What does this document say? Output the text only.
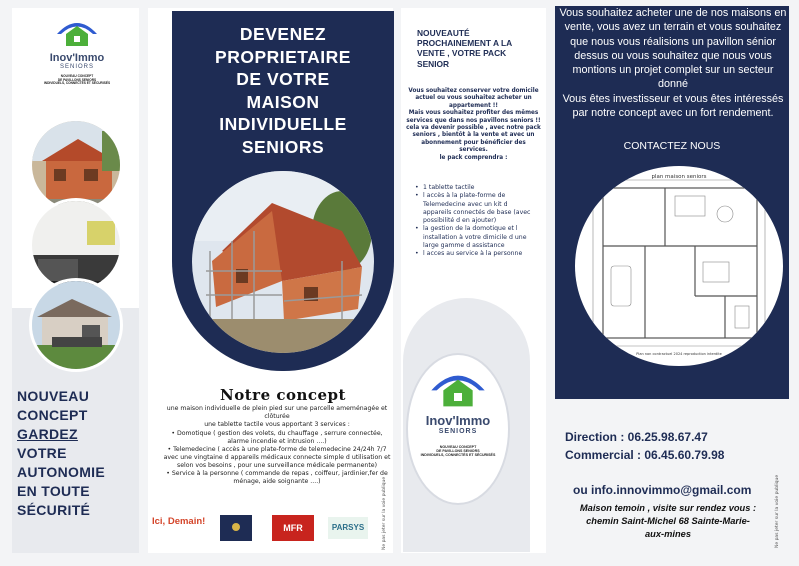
Inov'Immo
SENIORS
NOUVEAU CONCEPT
DE PAVILLONS SENIORS
INDIVIDUELS, CONNECTÉS ET SÉCURISÉS
NOUVEAU
CONCEPT
GARDEZ
VOTRE
AUTONOMIE
EN TOUTE
SÉCURITÉ
DEVENEZ
PROPRIETAIRE
DE VOTRE
MAISON
INDIVIDUELLE
SENIORS
Notre concept
une maison individuelle de plein pied sur une parcelle ameménagée et
clôturée
une tablette tactile vous apportant 3 services :
• Domotique ( gestion des volets, du chauffage , serrure connectée, alarme incendie et intrusion ....)
• Telemedecine ( accès à une plate-forme de telemedecine 24/24h 7/7 avec une vingtaine d appareils médicaux connecte simple d utilisation et selon vos besoins , pour une surveillance médicale permanente)
• Service à la personne ( commande de repas , coiffeur, jardinier,fer de ménage, aide soignante ....)
Ici, Demain!
MFR	PARSYS	Ne pas jeter sur la voie publique
NOUVEAUTÉ
PROCHAINEMENT A LA
VENTE , VOTRE PACK
SENIOR
Vous souhaitez conserver votre domicile
actuel ou vous souhaitez acheter un
appartement !!
Mais vous souhaitez profiter des mêmes
services que dans nos pavillons seniors !!
cela va devenir possible , avec notre pack
seniors , bientôt à la vente et avec un
abonnement pour bénéficier des
services.
le pack comprendra :
• 1 tablette tactile
• l accès à la plate-forme de Telemedecine avec un kit d appareils connectés de base (avec possibilité d en ajouter)
• la gestion de la domotique et l installation à votre dimicile d une large gamme d assistance
• l acces au service à la personne
Inov'Immo
SENIORS
NOUVEAU CONCEPT
DE PAVILLONS SENIORS
INDIVIDUELS, CONNECTÉS ET SÉCURISÉS
Vous souhaitez acheter une de nos maisons en
vente, vous avez un terrain et vous souhaitez
que nous vous réalisions un pavillon sénior
dessus ou vous souhaitez que nous vous
montions un projet complet sur un secteur donné
Vous êtes investisseur et vous êtes intéressés
par notre concept avec un fort rendement.
CONTACTEZ NOUS
plan maison seniors
Plan non contractuel 2024 reproduction interdite
Direction : 06.25.98.67.47
Commercial : 06.45.60.79.98
ou info.innovimmo@gmail.com
Maison temoin , visite sur rendez vous :
chemin Saint-Michel 68 Sainte-Marie-
aux-mines	Ne pas jeter sur la voie publique
